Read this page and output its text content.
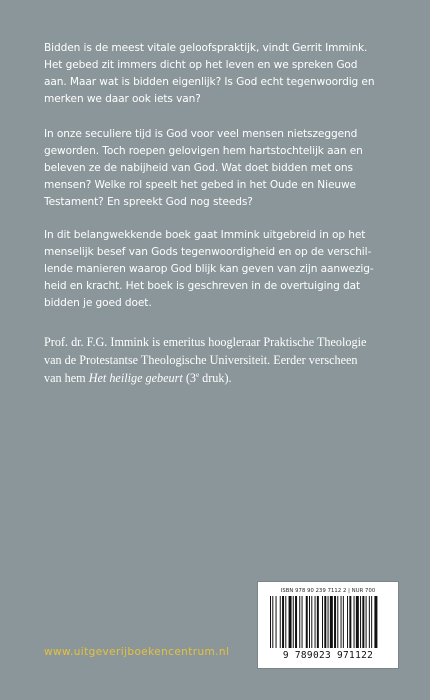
Bidden is de meest vitale geloofspraktijk, vindt Gerrit Immink.
Het gebed zit immers dicht op het leven en we spreken God
aan. Maar wat is bidden eigenlijk? Is God echt tegenwoordig en
merken we daar ook iets van?

In onze seculiere tijd is God voor veel mensen nietszeggend
geworden. Toch roepen gelovigen hem hartstochtelijk aan en
beleven ze de nabijheid van God. Wat doet bidden met ons
mensen? Welke rol speelt het gebed in het Oude en Nieuwe
Testament? En spreekt God nog steeds?

In dit belangwekkende boek gaat Immink uitgebreid in op het
menselijk besef van Gods tegenwoordigheid en op de verschil-
lende manieren waarop God blijk kan geven van zijn aanwezig-
heid en kracht. Het boek is geschreven in de overtuiging dat
bidden je goed doet.

Prof. dr. F.G. Immink is emeritus hoogleraar Praktische Theologie
van de Protestantse Theologische Universiteit. Eerder verscheen
van hem Het heilige gebeurt (3e druk).

ISBN 978 90 239 7112 2 | NUR 700
9 789023 971122
www.uitgeverijboekencentrum.nl
